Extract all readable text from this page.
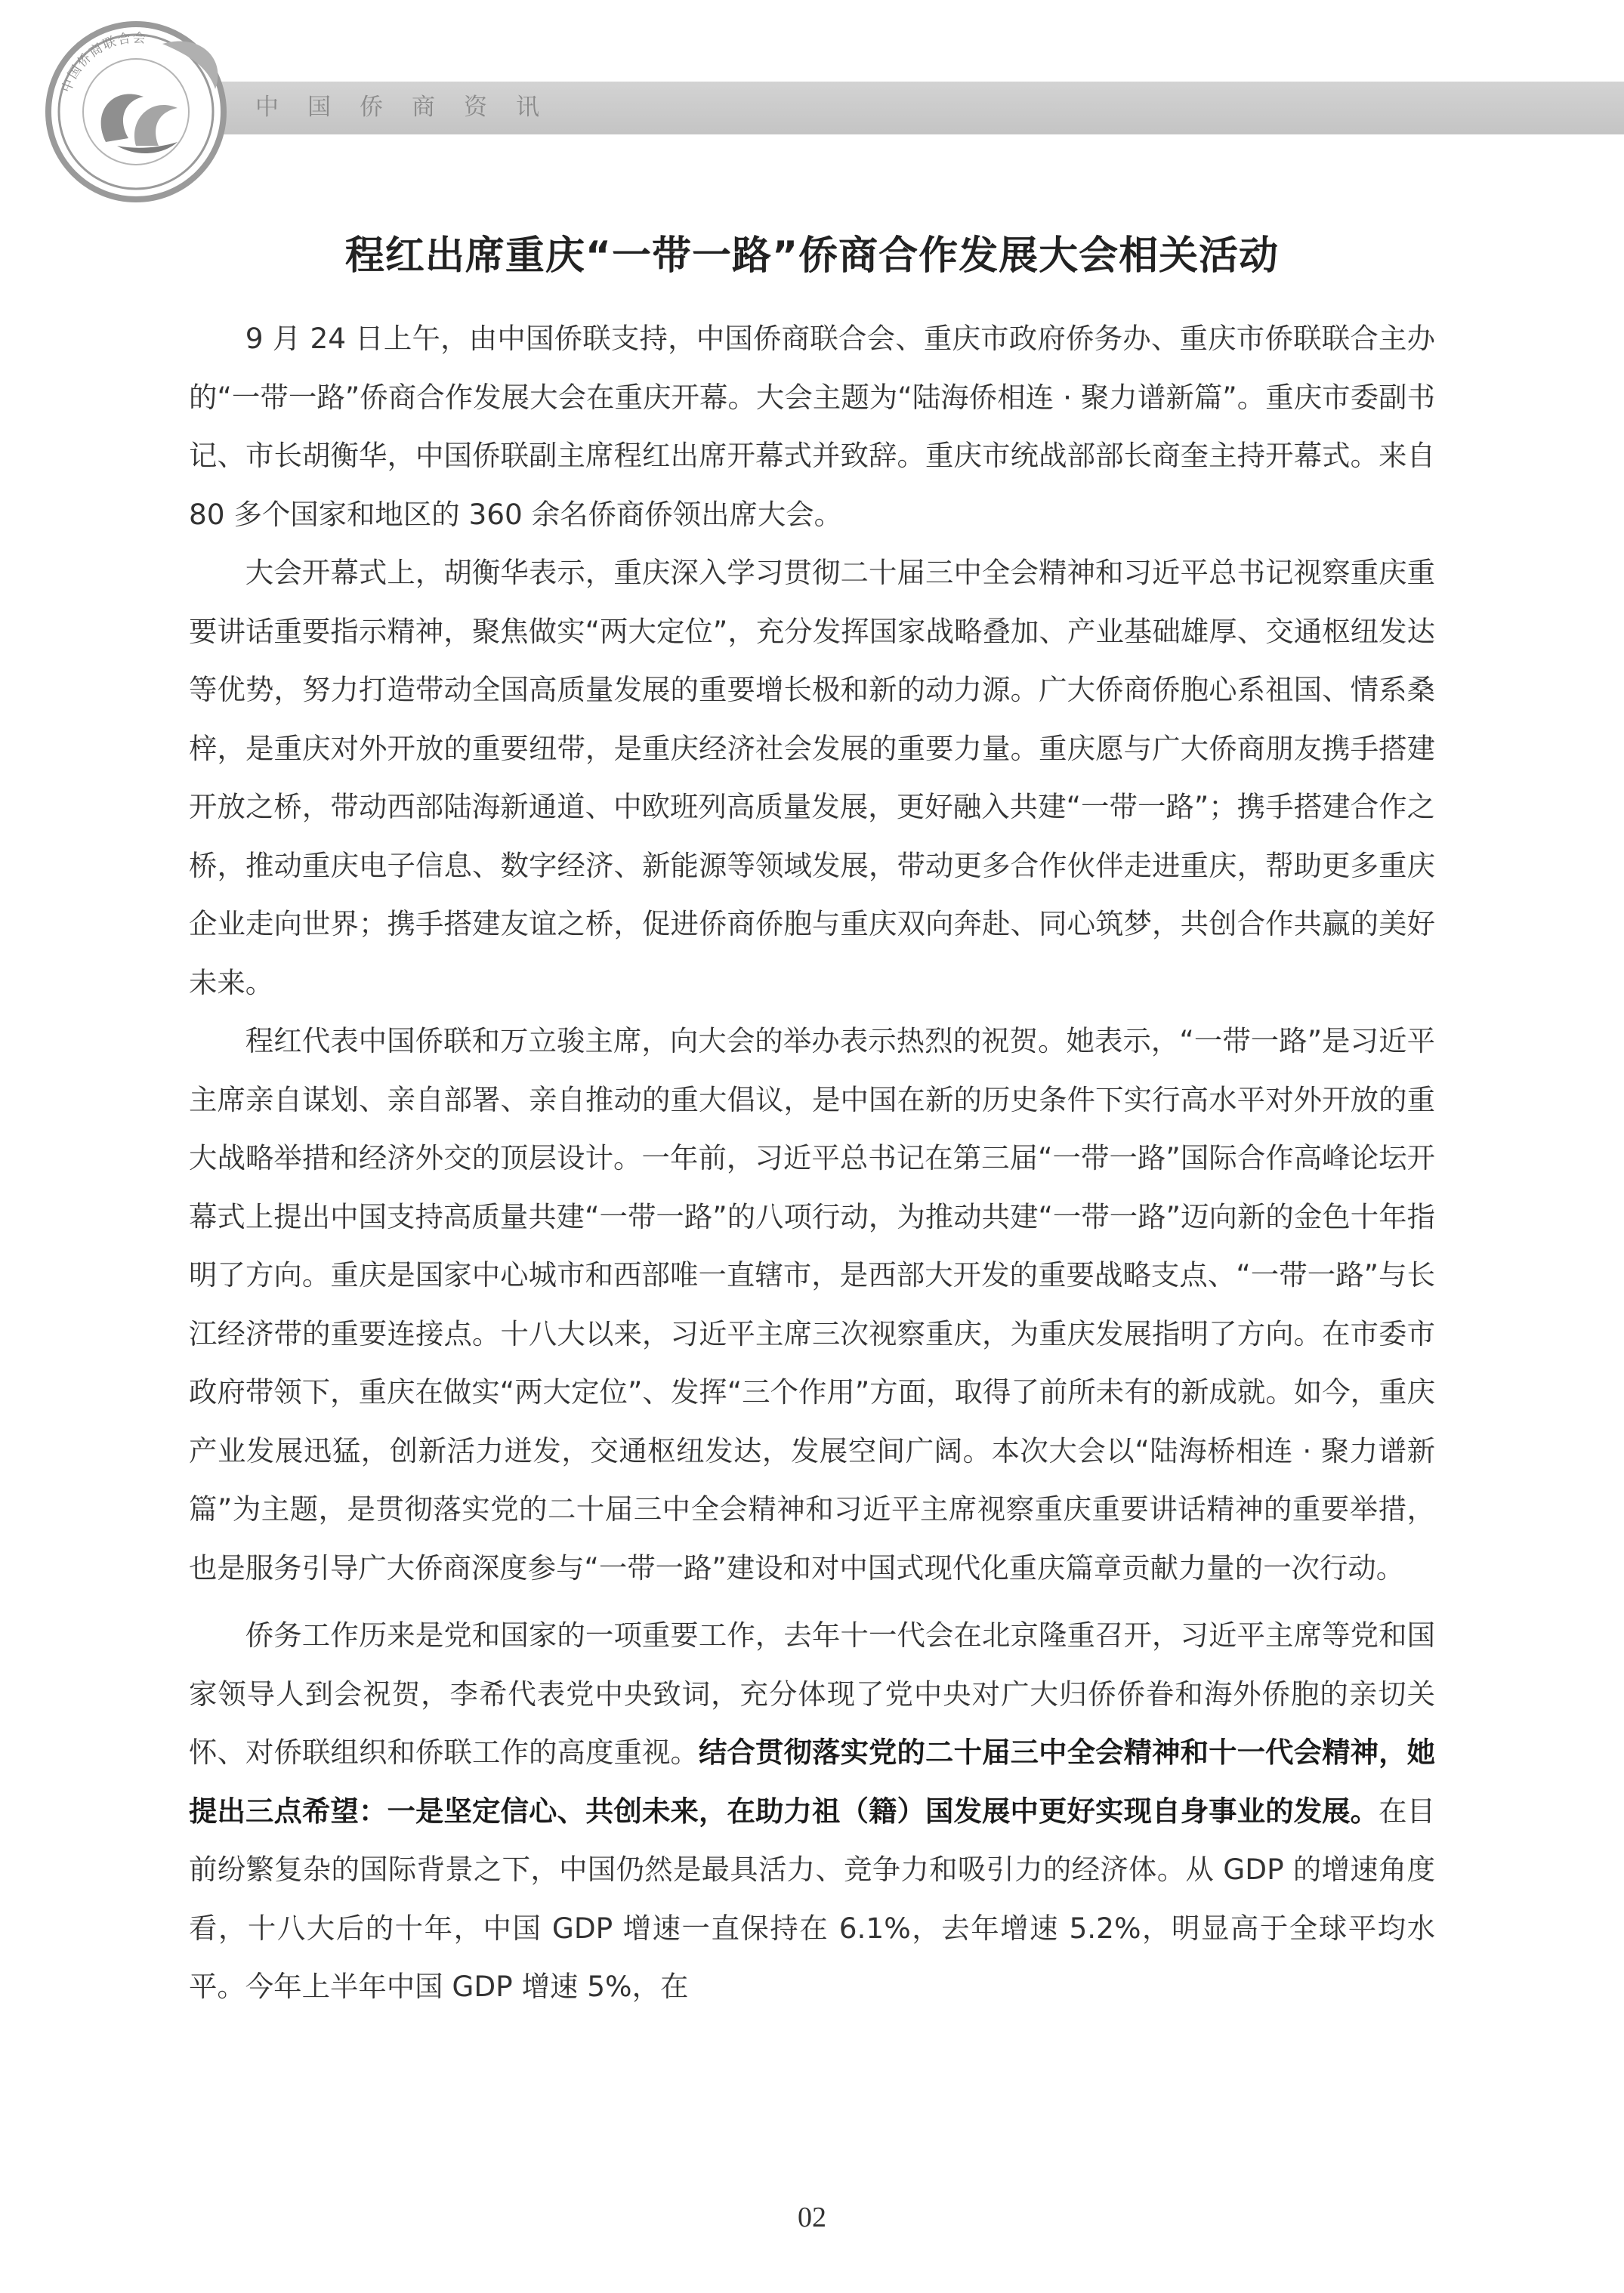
中国侨商联合会
中国侨商资讯
程红出席重庆“一带一路”侨商合作发展大会相关活动

9 月 24 日上午，由中国侨联支持，中国侨商联合会、重庆市政府侨务办、重庆市侨联联合主办的“一带一路”侨商合作发展大会在重庆开幕。大会主题为“陆海侨相连 · 聚力谱新篇”。重庆市委副书记、市长胡衡华，中国侨联副主席程红出席开幕式并致辞。重庆市统战部部长商奎主持开幕式。来自 80 多个国家和地区的 360 余名侨商侨领出席大会。

大会开幕式上，胡衡华表示，重庆深入学习贯彻二十届三中全会精神和习近平总书记视察重庆重要讲话重要指示精神，聚焦做实“两大定位”，充分发挥国家战略叠加、产业基础雄厚、交通枢纽发达等优势，努力打造带动全国高质量发展的重要增长极和新的动力源。广大侨商侨胞心系祖国、情系桑梓，是重庆对外开放的重要纽带，是重庆经济社会发展的重要力量。重庆愿与广大侨商朋友携手搭建开放之桥，带动西部陆海新通道、中欧班列高质量发展，更好融入共建“一带一路”；携手搭建合作之桥，推动重庆电子信息、数字经济、新能源等领域发展，带动更多合作伙伴走进重庆，帮助更多重庆企业走向世界；携手搭建友谊之桥，促进侨商侨胞与重庆双向奔赴、同心筑梦，共创合作共赢的美好未来。

程红代表中国侨联和万立骏主席，向大会的举办表示热烈的祝贺。她表示，“一带一路”是习近平主席亲自谋划、亲自部署、亲自推动的重大倡议，是中国在新的历史条件下实行高水平对外开放的重大战略举措和经济外交的顶层设计。一年前，习近平总书记在第三届“一带一路”国际合作高峰论坛开幕式上提出中国支持高质量共建“一带一路”的八项行动，为推动共建“一带一路”迈向新的金色十年指明了方向。重庆是国家中心城市和西部唯一直辖市，是西部大开发的重要战略支点、“一带一路”与长江经济带的重要连接点。十八大以来，习近平主席三次视察重庆，为重庆发展指明了方向。在市委市政府带领下，重庆在做实“两大定位”、发挥“三个作用”方面，取得了前所未有的新成就。如今，重庆产业发展迅猛，创新活力迸发，交通枢纽发达，发展空间广阔。本次大会以“陆海桥相连 · 聚力谱新篇”为主题，是贯彻落实党的二十届三中全会精神和习近平主席视察重庆重要讲话精神的重要举措，也是服务引导广大侨商深度参与“一带一路”建设和对中国式现代化重庆篇章贡献力量的一次行动。

侨务工作历来是党和国家的一项重要工作，去年十一代会在北京隆重召开，习近平主席等党和国家领导人到会祝贺，李希代表党中央致词，充分体现了党中央对广大归侨侨眷和海外侨胞的亲切关怀、对侨联组织和侨联工作的高度重视。结合贯彻落实党的二十届三中全会精神和十一代会精神，她提出三点希望：一是坚定信心、共创未来，在助力祖（籍）国发展中更好实现自身事业的发展。在目前纷繁复杂的国际背景之下，中国仍然是最具活力、竞争力和吸引力的经济体。从 GDP 的增速角度看，十八大后的十年，中国 GDP 增速一直保持在 6.1%，去年增速 5.2%，明显高于全球平均水平。今年上半年中国 GDP 增速 5%，在

02
